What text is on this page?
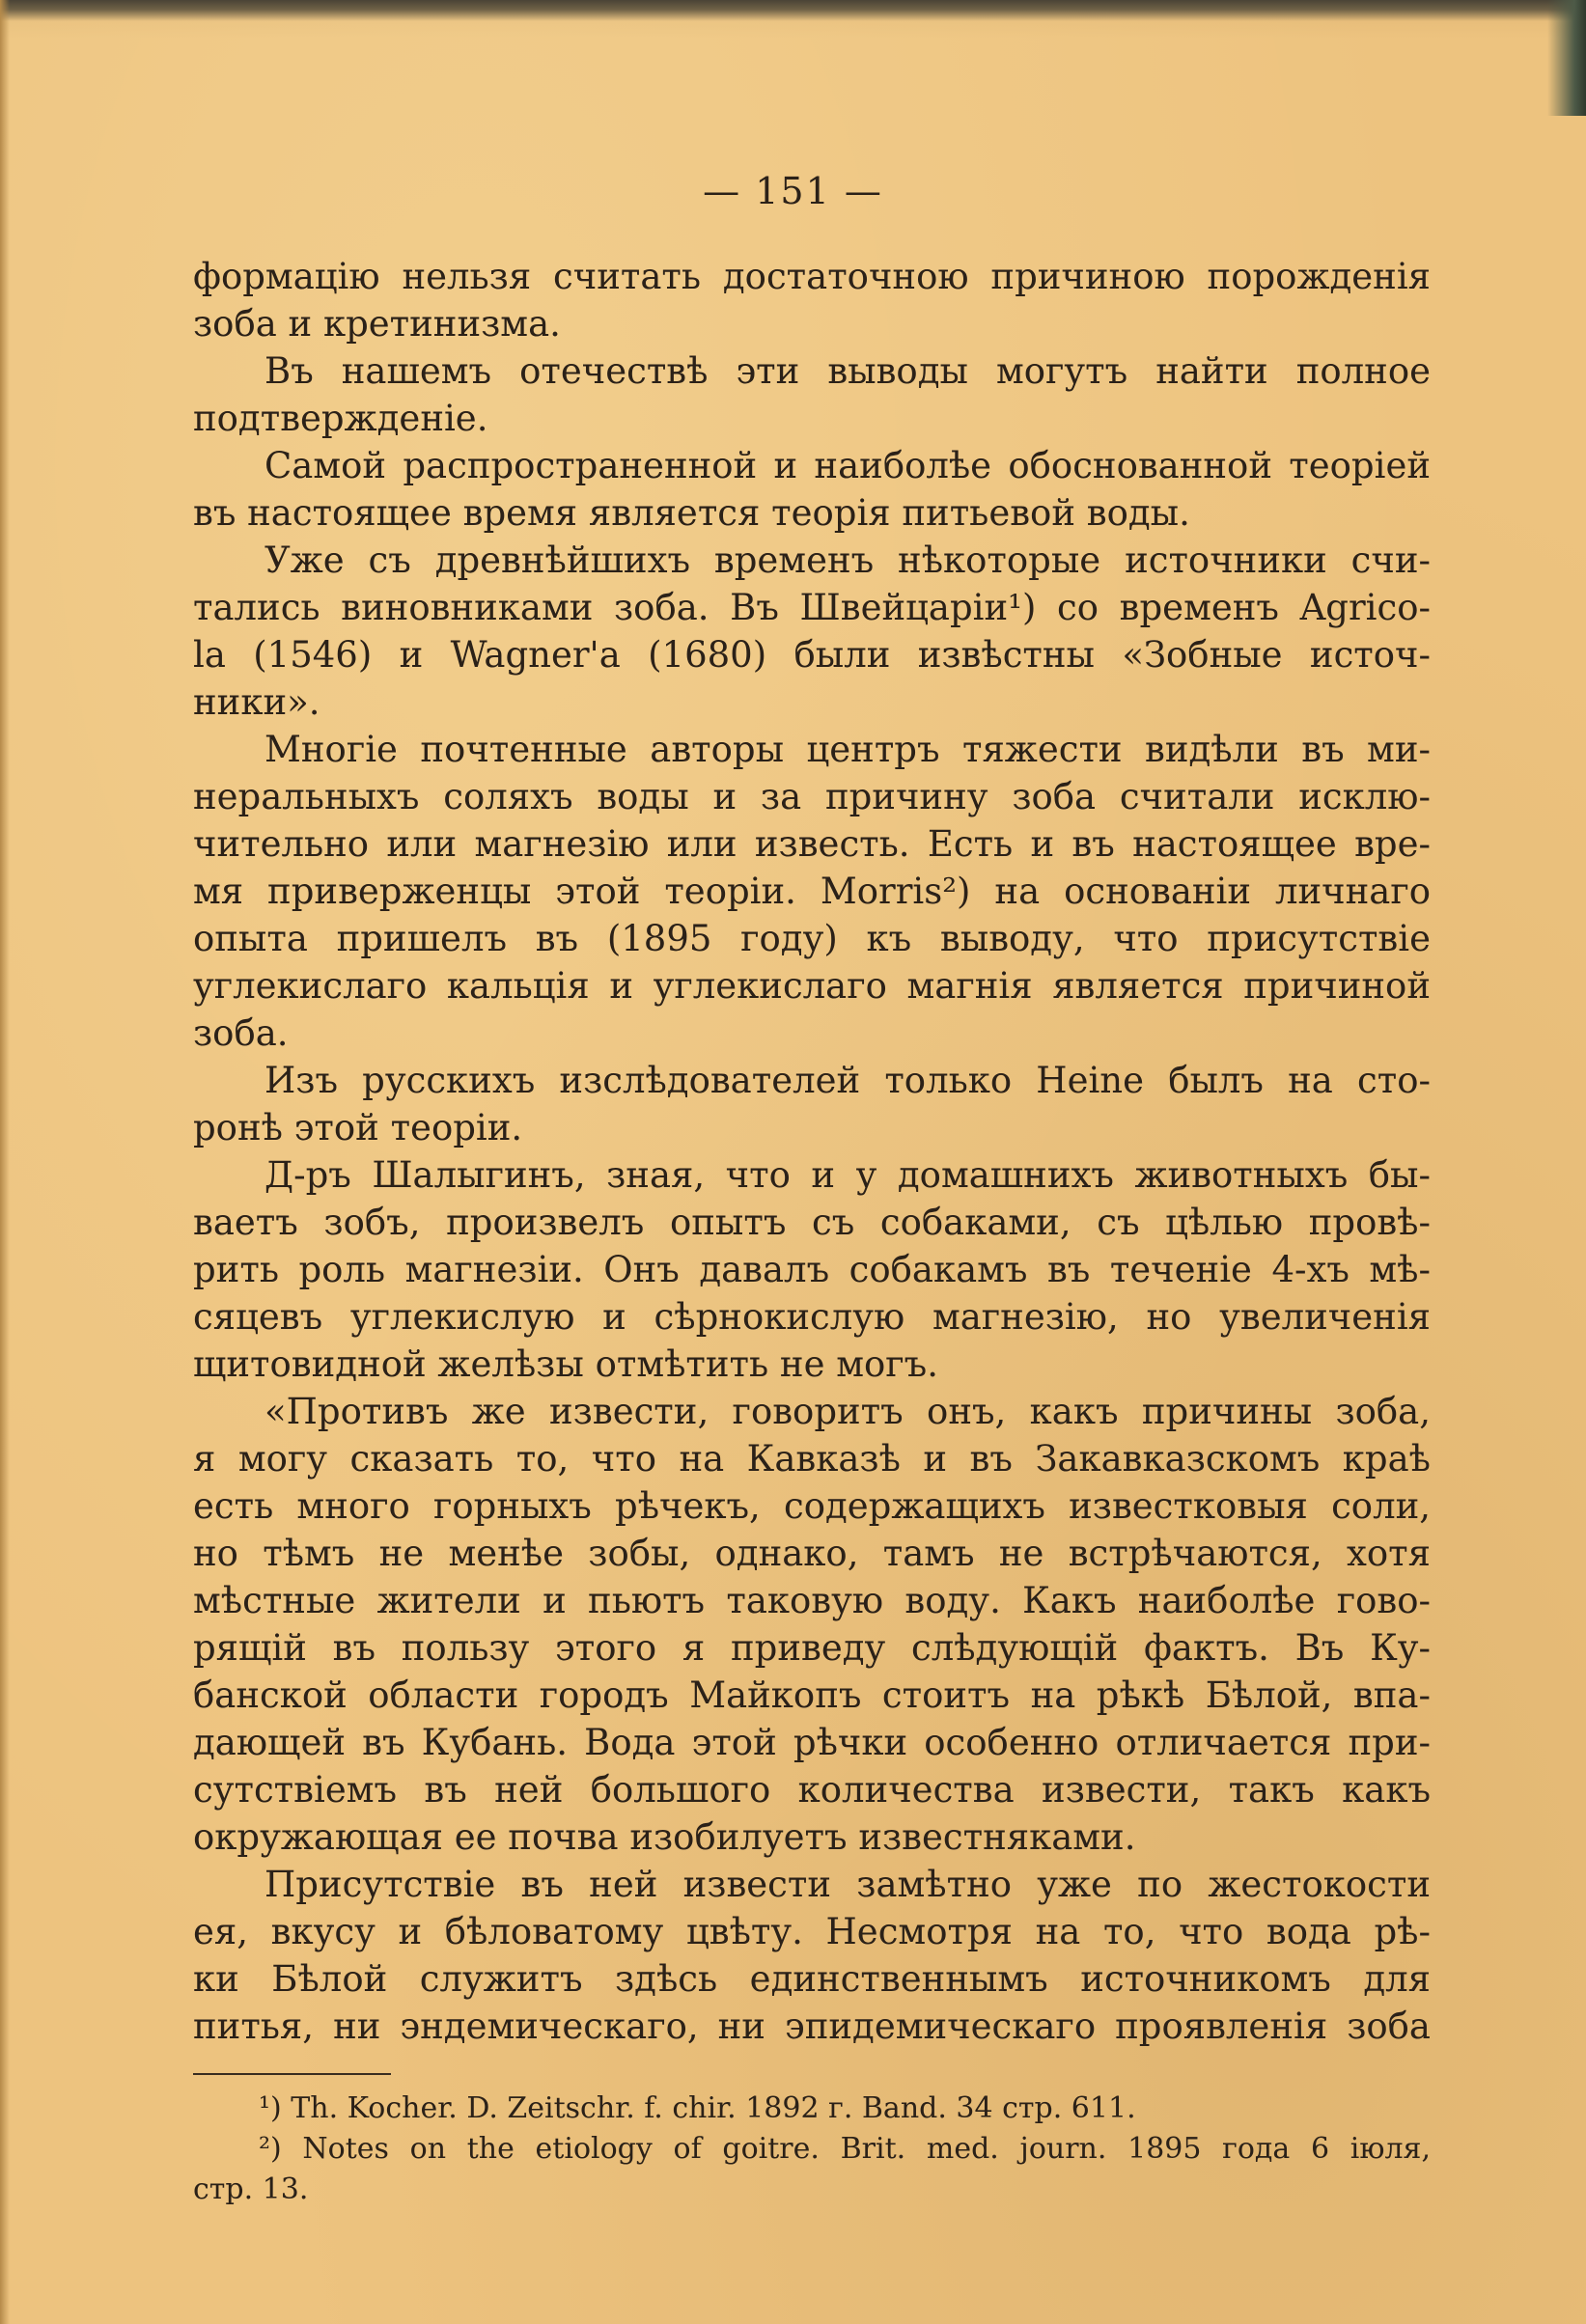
— 151 —
формацію нельзя считать достаточною причиною порожденія
зоба и кретинизма.
Въ нашемъ отечествѣ эти выводы могутъ найти полное
подтвержденіе.
Самой распространенной и наиболѣе обоснованной теоріей
въ настоящее время является теорія питьевой воды.
Уже съ древнѣйшихъ временъ нѣкоторые источники счи-
тались виновниками зоба. Въ Швейцаріи¹) со временъ Agrico-
la (1546) и Wagner'a (1680) были извѣстны «Зобные источ-
ники».
Многіе почтенные авторы центръ тяжести видѣли въ ми-
неральныхъ соляхъ воды и за причину зоба считали исклю-
чительно или магнезію или известь. Есть и въ настоящее вре-
мя приверженцы этой теоріи. Morris²) на основаніи личнаго
опыта пришелъ въ (1895 году) къ выводу, что присутствіе
углекислаго кальція и углекислаго магнія является причиной
зоба.
Изъ русскихъ изслѣдователей только Heine былъ на сто-
ронѣ этой теоріи.
Д-ръ Шалыгинъ, зная, что и у домашнихъ животныхъ бы-
ваетъ зобъ, произвелъ опытъ съ собаками, съ цѣлью провѣ-
рить роль магнезіи. Онъ давалъ собакамъ въ теченіе 4-хъ мѣ-
сяцевъ углекислую и сѣрнокислую магнезію, но увеличенія
щитовидной желѣзы отмѣтить не могъ.
«Противъ же извести, говоритъ онъ, какъ причины зоба,
я могу сказать то, что на Кавказѣ и въ Закавказскомъ краѣ
есть много горныхъ рѣчекъ, содержащихъ известковыя соли,
но тѣмъ не менѣе зобы, однако, тамъ не встрѣчаются, хотя
мѣстные жители и пьютъ таковую воду. Какъ наиболѣе гово-
рящій въ пользу этого я приведу слѣдующій фактъ. Въ Ку-
банской области городъ Майкопъ стоитъ на рѣкѣ Бѣлой, впа-
дающей въ Кубань. Вода этой рѣчки особенно отличается при-
сутствіемъ въ ней большого количества извести, такъ какъ
окружающая ее почва изобилуетъ известняками.
Присутствіе въ ней извести замѣтно уже по жестокости
ея, вкусу и бѣловатому цвѣту. Несмотря на то, что вода рѣ-
ки Бѣлой служитъ здѣсь единственнымъ источникомъ для
питья, ни эндемическаго, ни эпидемическаго проявленія зоба
¹) Th. Kocher. D. Zeitschr. f. chir. 1892 г. Band. 34 стр. 611.
²) Notes on the etiology of goitre. Brit. med. journ. 1895 года 6 іюля,
стр. 13.
